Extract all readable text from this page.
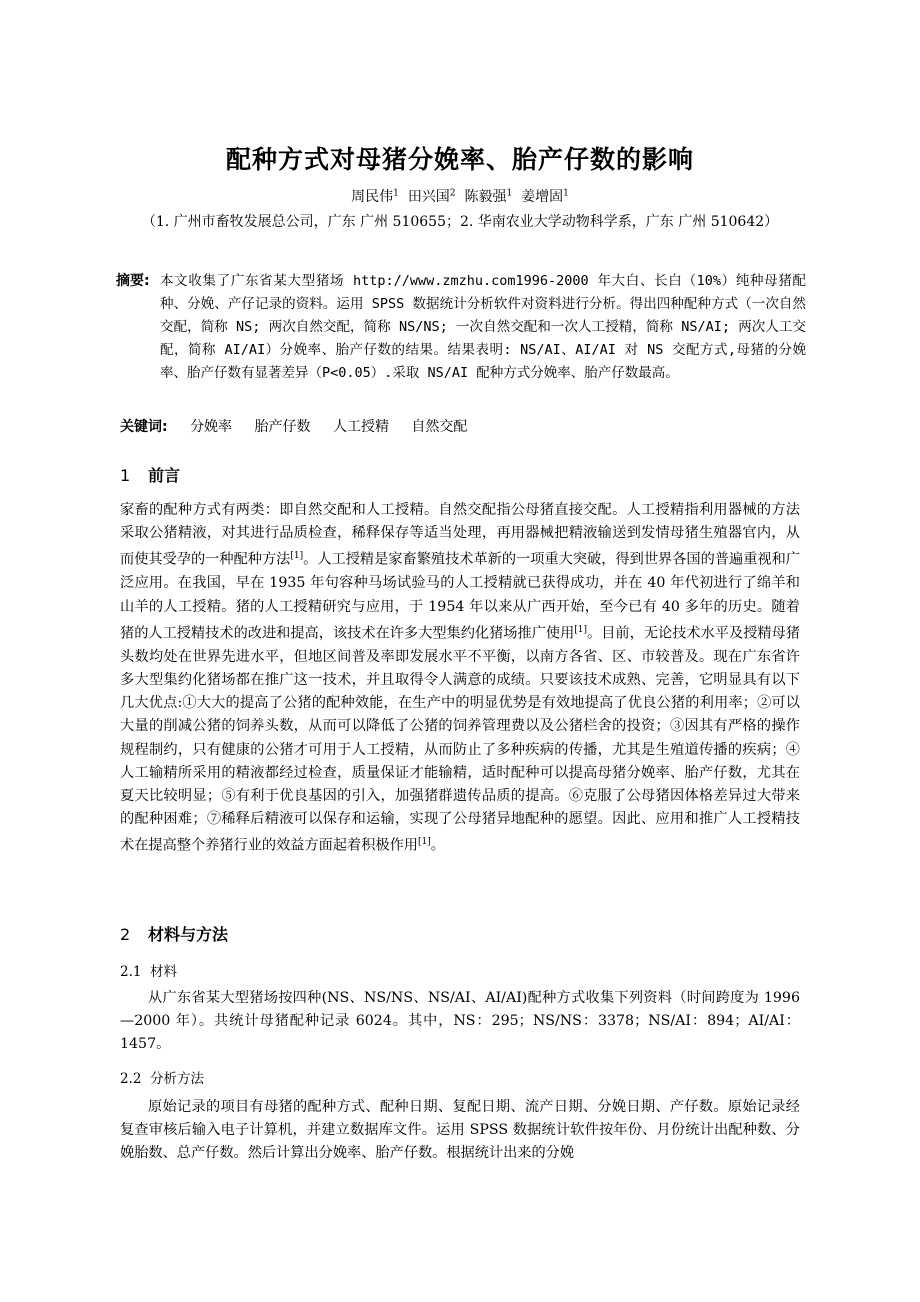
配种方式对母猪分娩率、胎产仔数的影响
周民伟$^1$ 田兴国$^2$ 陈毅强$^1$ 姜增固$^1$
（1. 广州市畜牧发展总公司，广东 广州 510655；2. 华南农业大学动物科学系，广东 广州 510642）
摘要: 本文收集了广东省某大型猪场 http://www.zmzhu.com1996-2000 年大白、长白（10%）纯种母猪配种、分娩、产仔记录的资料。运用 SPSS 数据统计分析软件对资料进行分析。得出四种配种方式（一次自然交配，简称 NS; 两次自然交配，简称 NS/NS; 一次自然交配和一次人工授精，简称 NS/AI; 两次人工交配，简称 AI/AI）分娩率、胎产仔数的结果。结果表明: NS/AI、AI/AI 对 NS 交配方式,母猪的分娩率、胎产仔数有显著差异（P<0.05）.采取 NS/AI 配种方式分娩率、胎产仔数最高。
关键词: 分娩率 胎产仔数 人工授精 自然交配
1 前言
家畜的配种方式有两类：即自然交配和人工授精。自然交配指公母猪直接交配。人工授精指利用器械的方法采取公猪精液，对其进行品质检查，稀释保存等适当处理，再用器械把精液输送到发情母猪生殖器官内，从而使其受孕的一种配种方法[1]。人工授精是家畜繁殖技术革新的一项重大突破，得到世界各国的普遍重视和广泛应用。在我国，早在 1935 年句容种马场试验马的人工授精就已获得成功，并在 40 年代初进行了绵羊和山羊的人工授精。猪的人工授精研究与应用，于 1954 年以来从广西开始，至今已有 40 多年的历史。随着猪的人工授精技术的改进和提高，该技术在许多大型集约化猪场推广使用[1]。目前，无论技术水平及授精母猪头数均处在世界先进水平，但地区间普及率即发展水平不平衡，以南方各省、区、市较普及。现在广东省许多大型集约化猪场都在推广这一技术，并且取得令人满意的成绩。只要该技术成熟、完善，它明显具有以下几大优点:①大大的提高了公猪的配种效能，在生产中的明显优势是有效地提高了优良公猪的利用率；②可以大量的削减公猪的饲养头数，从而可以降低了公猪的饲养管理费以及公猪栏舍的投资；③因其有严格的操作规程制约，只有健康的公猪才可用于人工授精，从而防止了多种疾病的传播，尤其是生殖道传播的疾病；④人工输精所采用的精液都经过检查，质量保证才能输精，适时配种可以提高母猪分娩率、胎产仔数，尤其在夏天比较明显；⑤有利于优良基因的引入，加强猪群遗传品质的提高。⑥克服了公母猪因体格差异过大带来的配种困难；⑦稀释后精液可以保存和运输，实现了公母猪异地配种的愿望。因此、应用和推广人工授精技术在提高整个养猪行业的效益方面起着积极作用[1]。
2 材料与方法
2.1 材料
从广东省某大型猪场按四种(NS、NS/NS、NS/AI、AI/AI)配种方式收集下列资料（时间跨度为 1996—2000 年）。共统计母猪配种记录 6024。其中，NS：295；NS/NS：3378；NS/AI：894；AI/AI：1457。
2.2 分析方法
原始记录的项目有母猪的配种方式、配种日期、复配日期、流产日期、分娩日期、产仔数。原始记录经复查审核后输入电子计算机，并建立数据库文件。运用 SPSS 数据统计软件按年份、月份统计出配种数、分娩胎数、总产仔数。然后计算出分娩率、胎产仔数。根据统计出来的分娩
